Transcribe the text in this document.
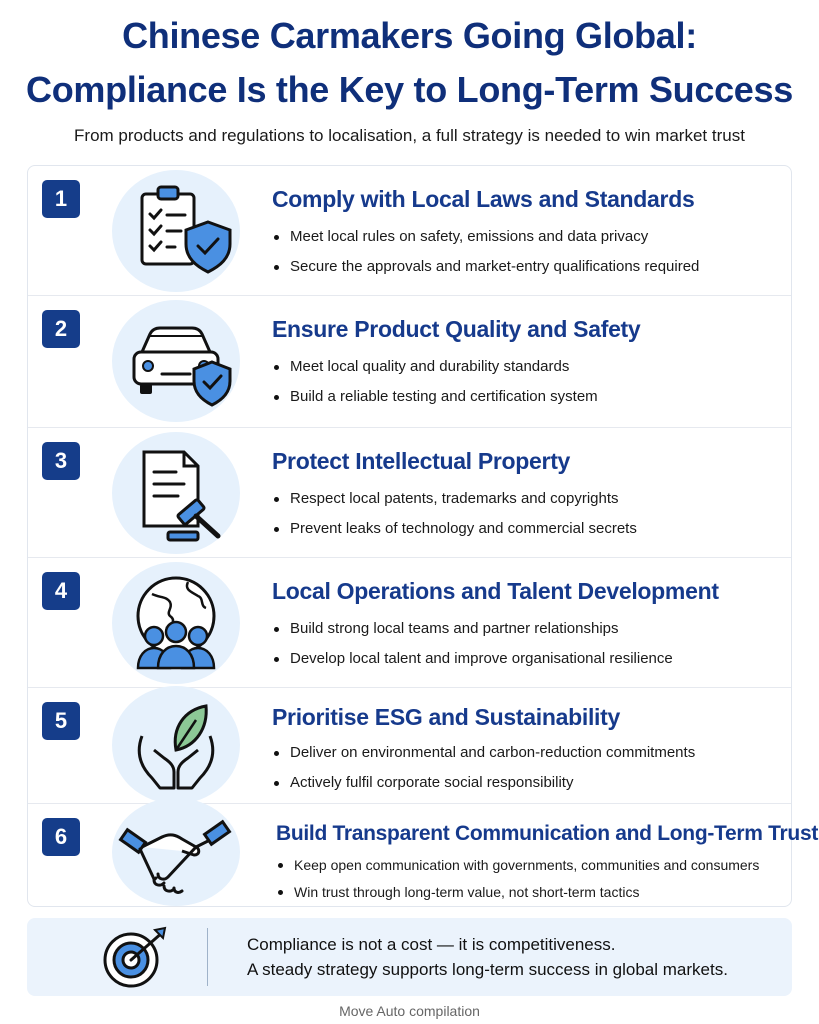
Chinese Carmakers Going Global:
Compliance Is the Key to Long-Term Success
From products and regulations to localisation, a full strategy is needed to win market trust
1	Comply with Local Laws and Standards
Meet local rules on safety, emissions and data privacy
Secure the approvals and market-entry qualifications required
2	Ensure Product Quality and Safety
Meet local quality and durability standards
Build a reliable testing and certification system
3	Protect Intellectual Property
Respect local patents, trademarks and copyrights
Prevent leaks of technology and commercial secrets
4	Local Operations and Talent Development
Build strong local teams and partner relationships
Develop local talent and improve organisational resilience
5	Prioritise ESG and Sustainability
Deliver on environmental and carbon-reduction commitments
Actively fulfil corporate social responsibility
6	Build Transparent Communication and Long-Term Trust
Keep open communication with governments, communities and consumers
Win trust through long-term value, not short-term tactics
Compliance is not a cost — it is competitiveness.
A steady strategy supports long-term success in global markets.
Move Auto compilation
